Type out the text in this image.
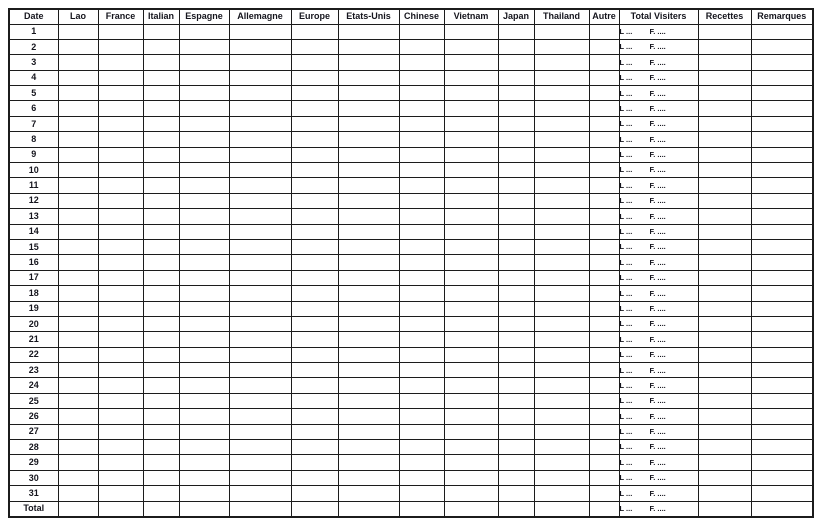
Date	Lao	France	Italian	Espagne	Allemagne	Europe	Etats-Unis	Chinese	Vietnam	Japan	Thailand	Autre	Total Visiters	Recettes	Remarques
1													L ... F. ....		
2													L ... F. ....		
3													L ... F. ....		
4													L ... F. ....		
5													L ... F. ....		
6													L ... F. ....		
7													L ... F. ....		
8													L ... F. ....		
9													L ... F. ....		
10													L ... F. ....		
11													L ... F. ....		
12													L ... F. ....		
13													L ... F. ....		
14													L ... F. ....		
15													L ... F. ....		
16													L ... F. ....		
17													L ... F. ....		
18													L ... F. ....		
19													L ... F. ....		
20													L ... F. ....		
21													L ... F. ....		
22													L ... F. ....		
23													L ... F. ....		
24													L ... F. ....		
25													L ... F. ....		
26													L ... F. ....		
27													L ... F. ....		
28													L ... F. ....		
29													L ... F. ....		
30													L ... F. ....		
31													L ... F. ....		
Total													L ... F. ....		
